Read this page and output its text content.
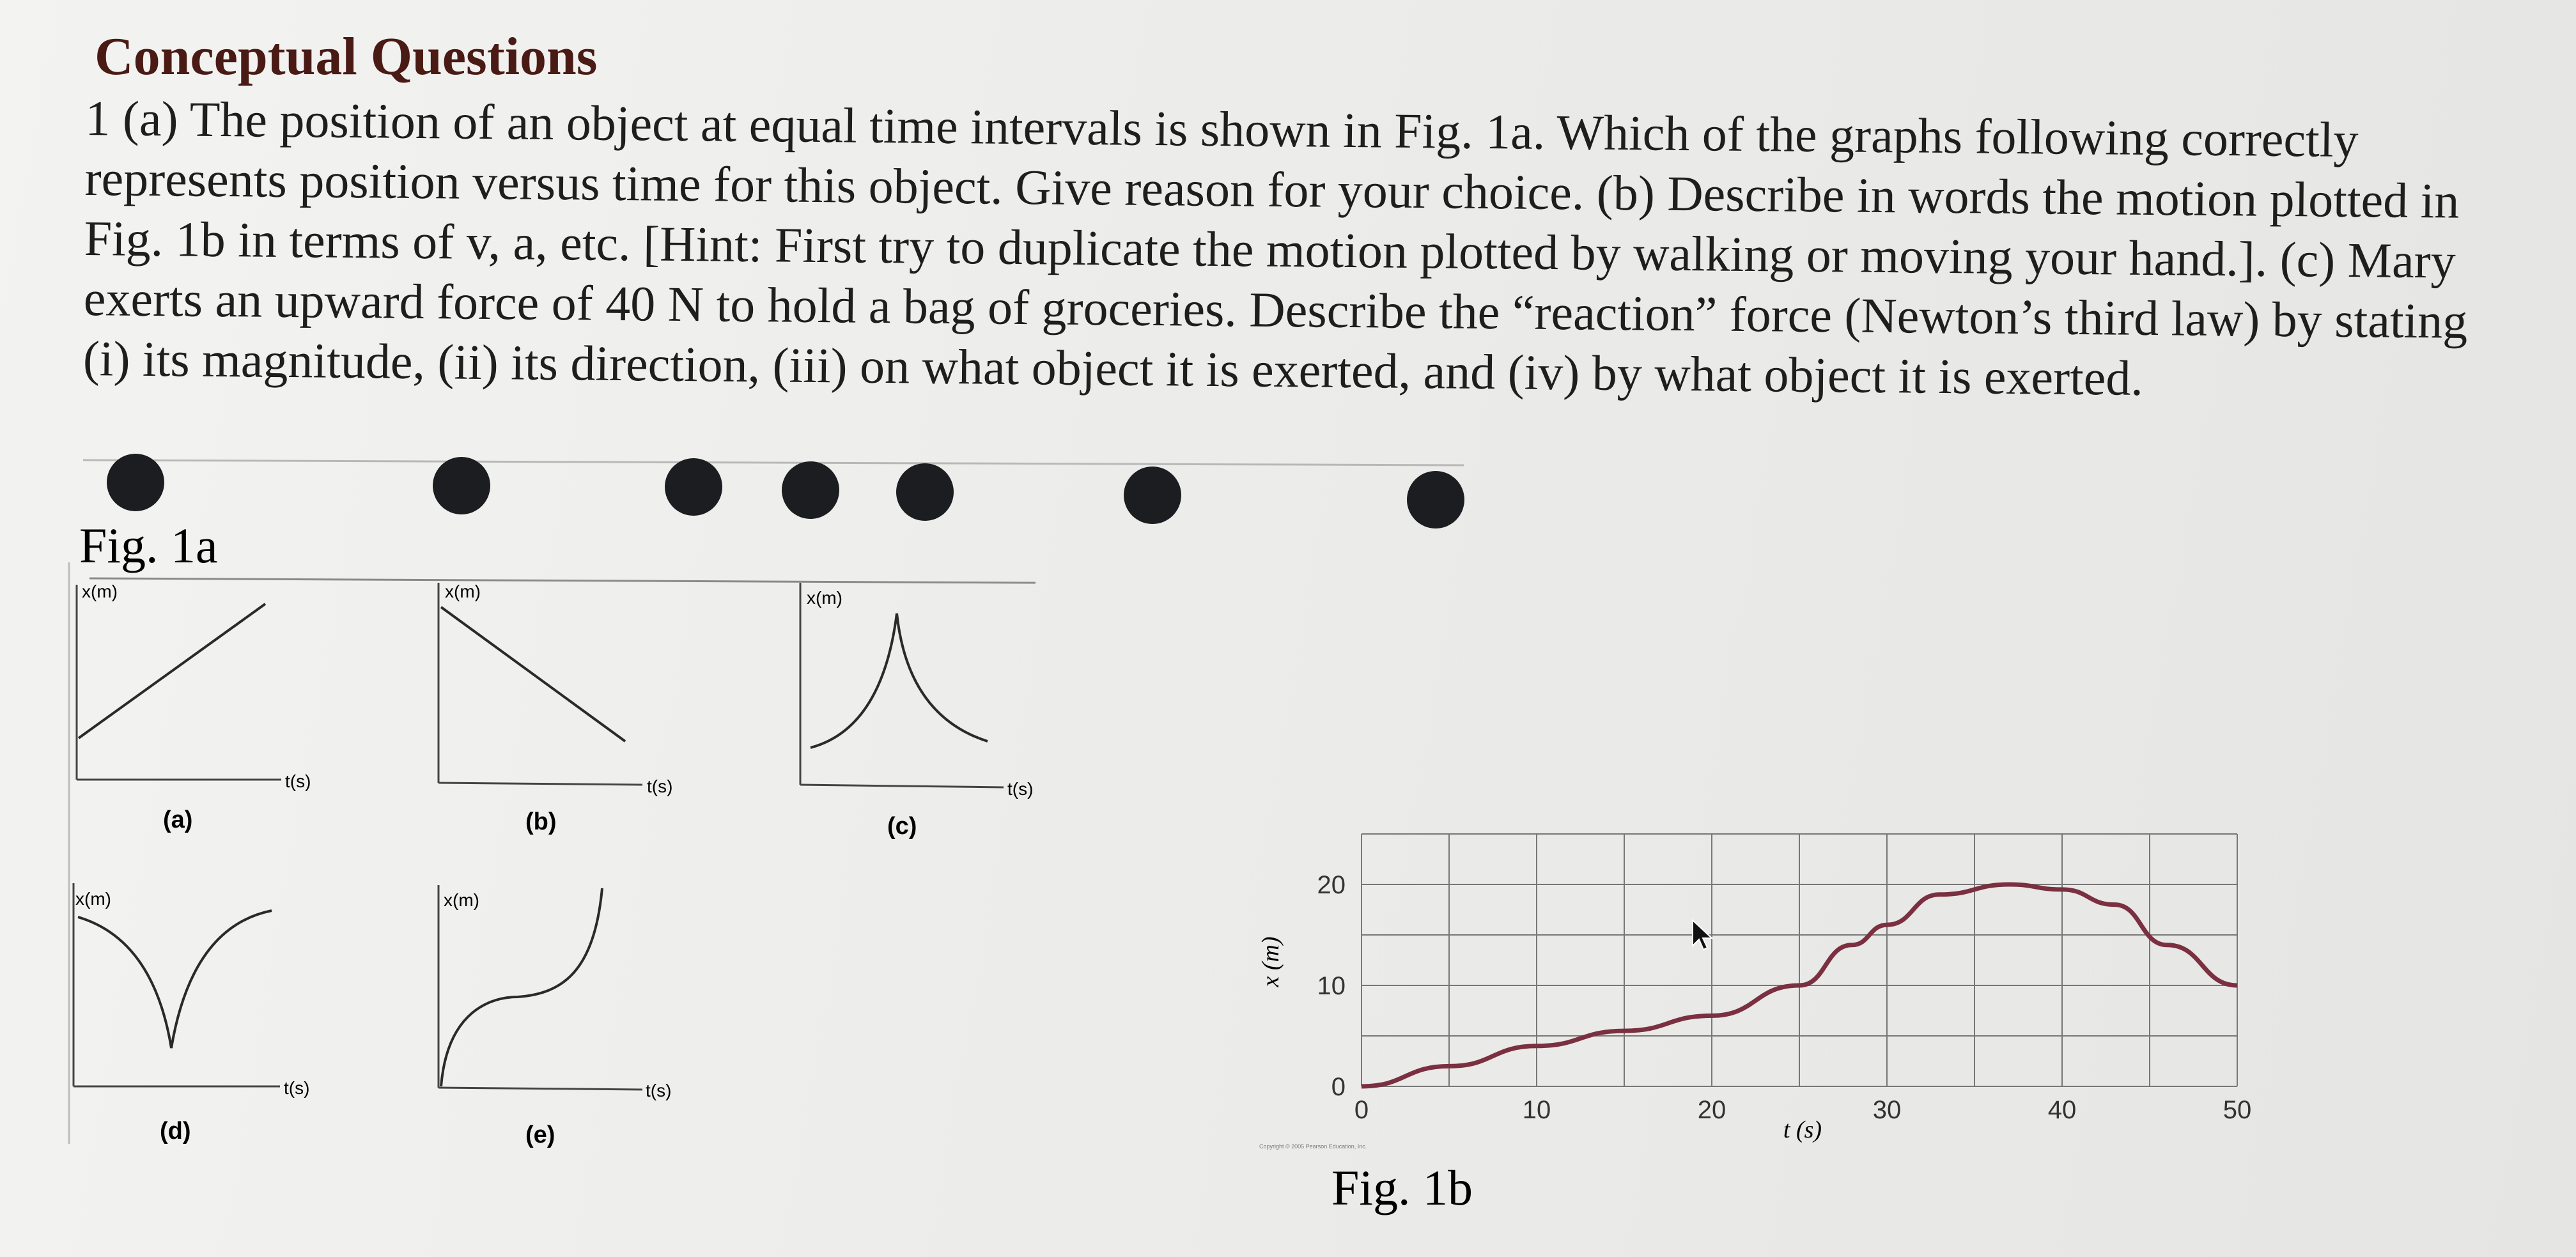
Conceptual Questions
1 (a) The position of an object at equal time intervals is shown in Fig. 1a. Which of the graphs following correctly represents position versus time for this object. Give reason for your choice. (b) Describe in words the motion plotted in Fig. 1b in terms of v, a, etc. [Hint: First try to duplicate the motion plotted by walking or moving your hand.]. (c) Mary exerts an upward force of 40 N to hold a bag of groceries. Describe the “reaction” force (Newton’s third law) by stating (i) its magnitude, (ii) its direction, (iii) on what object it is exerted, and (iv) by what object it is exerted.
Fig. 1a
x(m)
t(s)
(a)
x(m)
t(s)
(b)
x(m)
t(s)
(c)
x(m)
t(s)
(d)
x(m)
t(s)
(e)
0	10	20	30	40	50
0
10
20
t (s)
x (m)
Copyright © 2005 Pearson Education, Inc.
Fig. 1b
